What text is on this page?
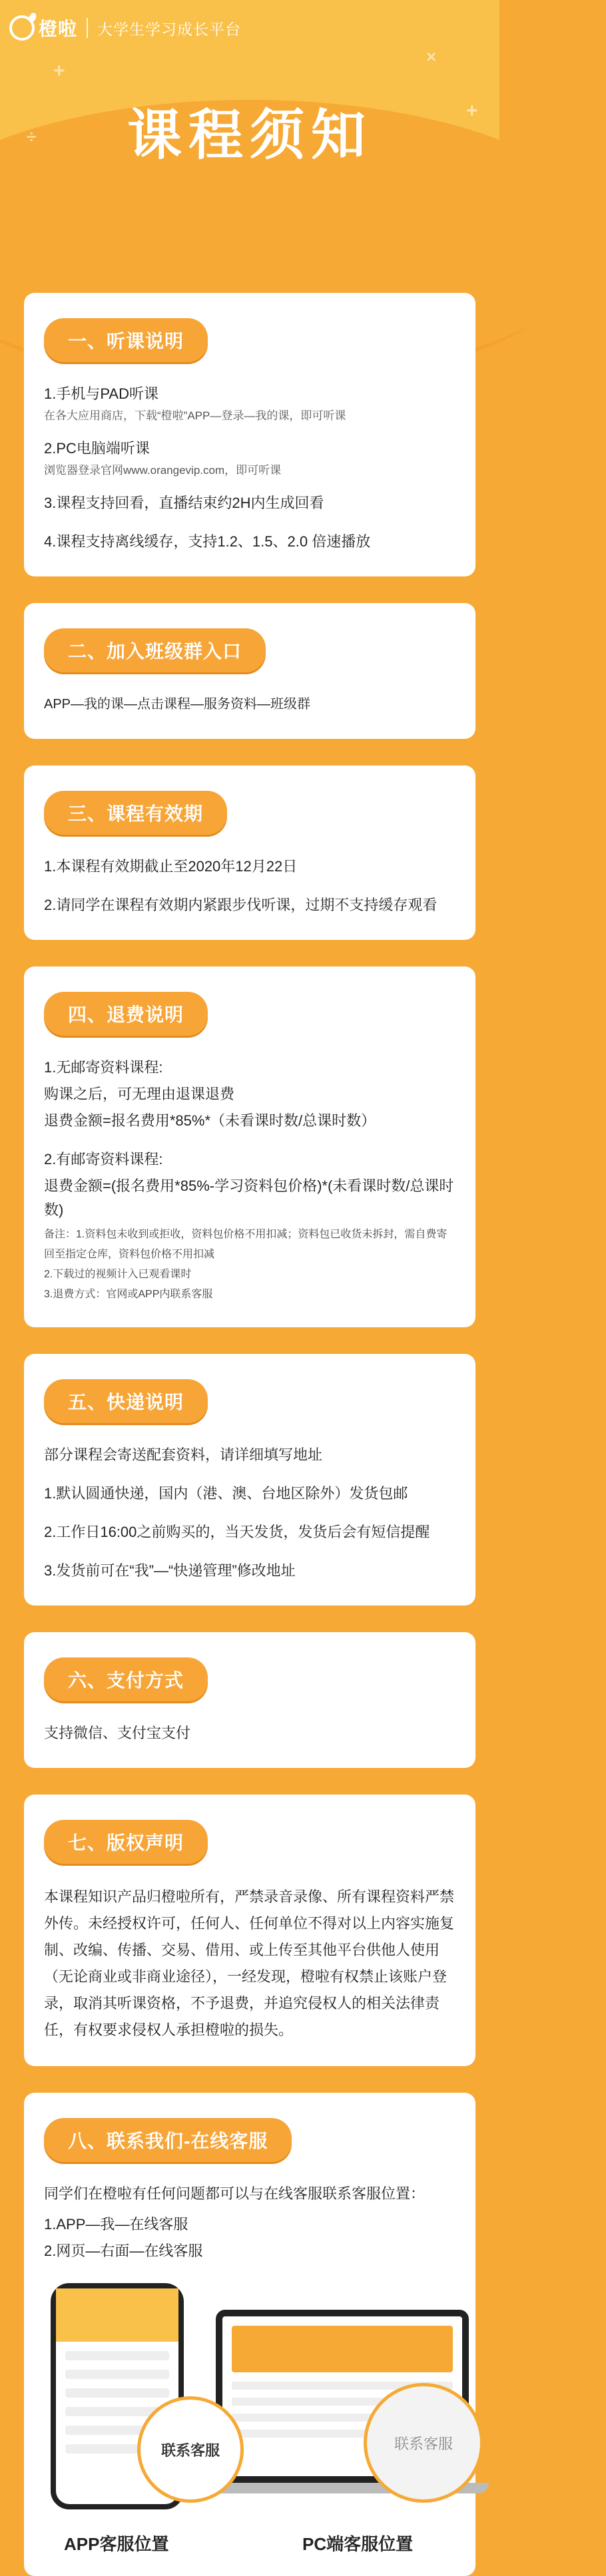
+
×
+
÷
橙啦 大学生学习成长平台
课程须知
一、听课说明
1.手机与PAD听课
在各大应用商店，下载“橙啦”APP—登录—我的课，即可听课
2.PC电脑端听课
浏览器登录官网www.orangevip.com，即可听课
3.课程支持回看，直播结束约2H内生成回看
4.课程支持离线缓存，支持1.2、1.5、2.0 倍速播放
二、加入班级群入口
APP—我的课—点击课程—服务资料—班级群
三、课程有效期
1.本课程有效期截止至2020年12月22日
2.请同学在课程有效期内紧跟步伐听课，过期不支持缓存观看
四、退费说明
1.无邮寄资料课程:
购课之后，可无理由退课退费
退费金额=报名费用*85%*（未看课时数/总课时数）
2.有邮寄资料课程:
退费金额=(报名费用*85%-学习资料包价格)*(未看课时数/总课时数)
备注：1.资料包未收到或拒收，资料包价格不用扣减；资料包已收货未拆封，需自费寄回至指定仓库，资料包价格不用扣减
2.下载过的视频计入已观看课时
3.退费方式：官网或APP内联系客服
五、快递说明
部分课程会寄送配套资料，请详细填写地址
1.默认圆通快递，国内（港、澳、台地区除外）发货包邮
2.工作日16:00之前购买的，当天发货，发货后会有短信提醒
3.发货前可在“我”—“快递管理”修改地址
六、支付方式
支持微信、支付宝支付
七、版权声明
本课程知识产品归橙啦所有，严禁录音录像、所有课程资料严禁外传。未经授权许可，任何人、任何单位不得对以上内容实施复制、改编、传播、交易、借用、或上传至其他平台供他人使用（无论商业或非商业途径），一经发现，橙啦有权禁止该账户登录，取消其听课资格，不予退费，并追究侵权人的相关法律责任，有权要求侵权人承担橙啦的损失。
八、联系我们-在线客服
同学们在橙啦有任何问题都可以与在线客服联系客服位置：
1.APP—我—在线客服
2.网页—右面—在线客服
联系客服	联系客服
APP客服位置	PC端客服位置
